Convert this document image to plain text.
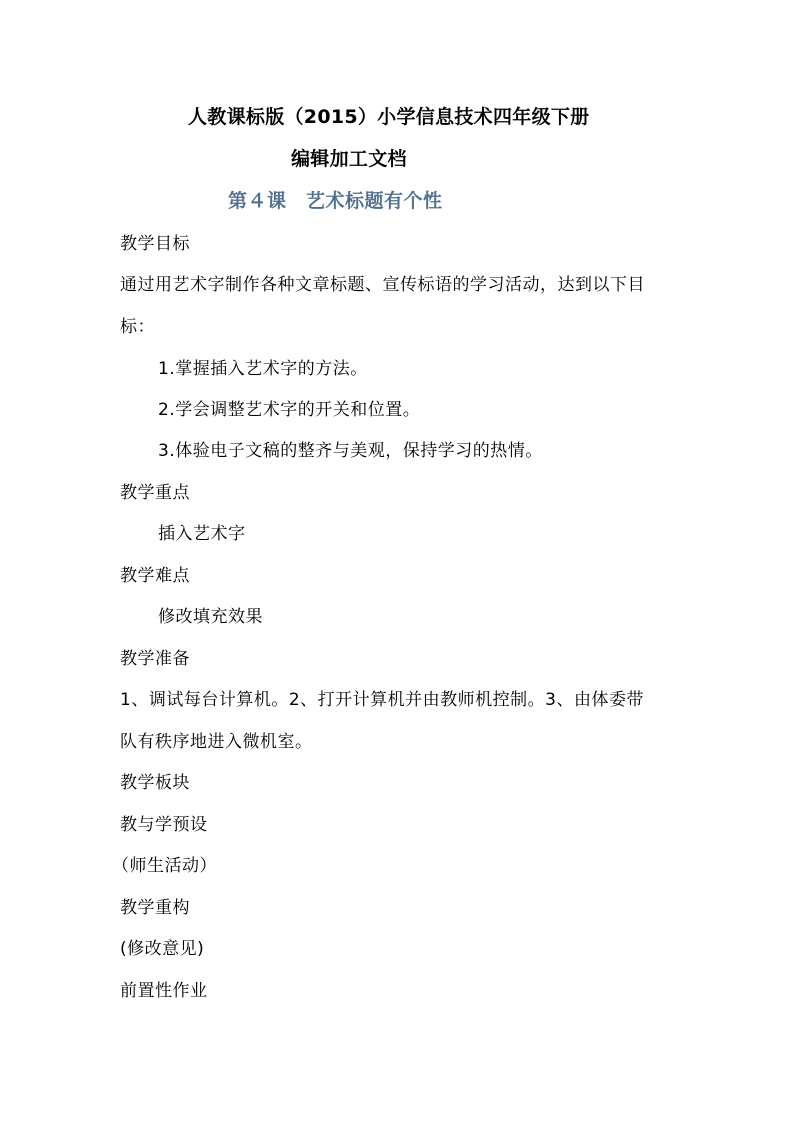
人教课标版（2015）小学信息技术四年级下册
编辑加工文档
第４课　艺术标题有个性
教学目标
通过用艺术字制作各种文章标题、宣传标语的学习活动，达到以下目
标：
1.掌握插入艺术字的方法。
2.学会调整艺术字的开关和位置。
3.体验电子文稿的整齐与美观，保持学习的热情。
教学重点
插入艺术字
教学难点
修改填充效果
教学准备
1、调试每台计算机。2、打开计算机并由教师机控制。3、由体委带
队有秩序地进入微机室。
教学板块
教与学预设
（师生活动）
教学重构
(修改意见)
前置性作业
